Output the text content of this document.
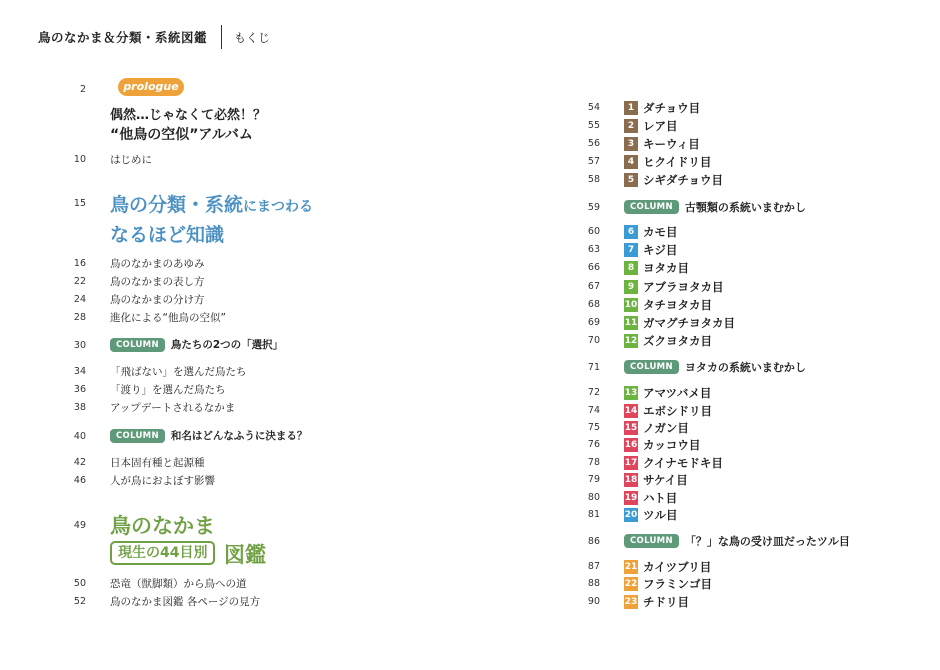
鳥のなかま＆分類・系統図鑑 もくじ
2	prologue
偶然…じゃなくて必然！？
“他鳥の空似”アルバム
10 はじめに
15 鳥の分類・系統にまつわる
なるほど知識
16 鳥のなかまのあゆみ
22 鳥のなかまの表し方
24 鳥のなかまの分け方
28 進化による“他鳥の空似”
30	COLUMN	鳥たちの2つの「選択」
34 「飛ばない」を選んだ鳥たち
36 「渡り」を選んだ鳥たち
38 アップデートされるなかま
40	COLUMN	和名はどんなふうに決まる？
42 日本固有種と起源種
46 人が鳥におよぼす影響
49 鳥のなかま
現生の44目別 図鑑
50 恐竜（獣脚類）から鳥への道
52 鳥のなかま図鑑 各ページの見方
54	1 ダチョウ目
55	2 レア目
56	3 キーウィ目
57	4 ヒクイドリ目
58	5 シギダチョウ目
59	COLUMN	古顎類の系統いまむかし
60	6 カモ目
63	7 キジ目
66	8 ヨタカ目
67	9 アブラヨタカ目
68	10 タチヨタカ目
69	11 ガマグチヨタカ目
70	12 ズクヨタカ目
71	COLUMN	ヨタカの系統いまむかし
72	13 アマツバメ目
74	14 エボシドリ目
75	15 ノガン目
76	16 カッコウ目
78	17 クイナモドキ目
79	18 サケイ目
80	19 ハト目
81	20 ツル目
86	COLUMN	「？」な鳥の受け皿だったツル目
87	21 カイツブリ目
88	22 フラミンゴ目
90	23 チドリ目
